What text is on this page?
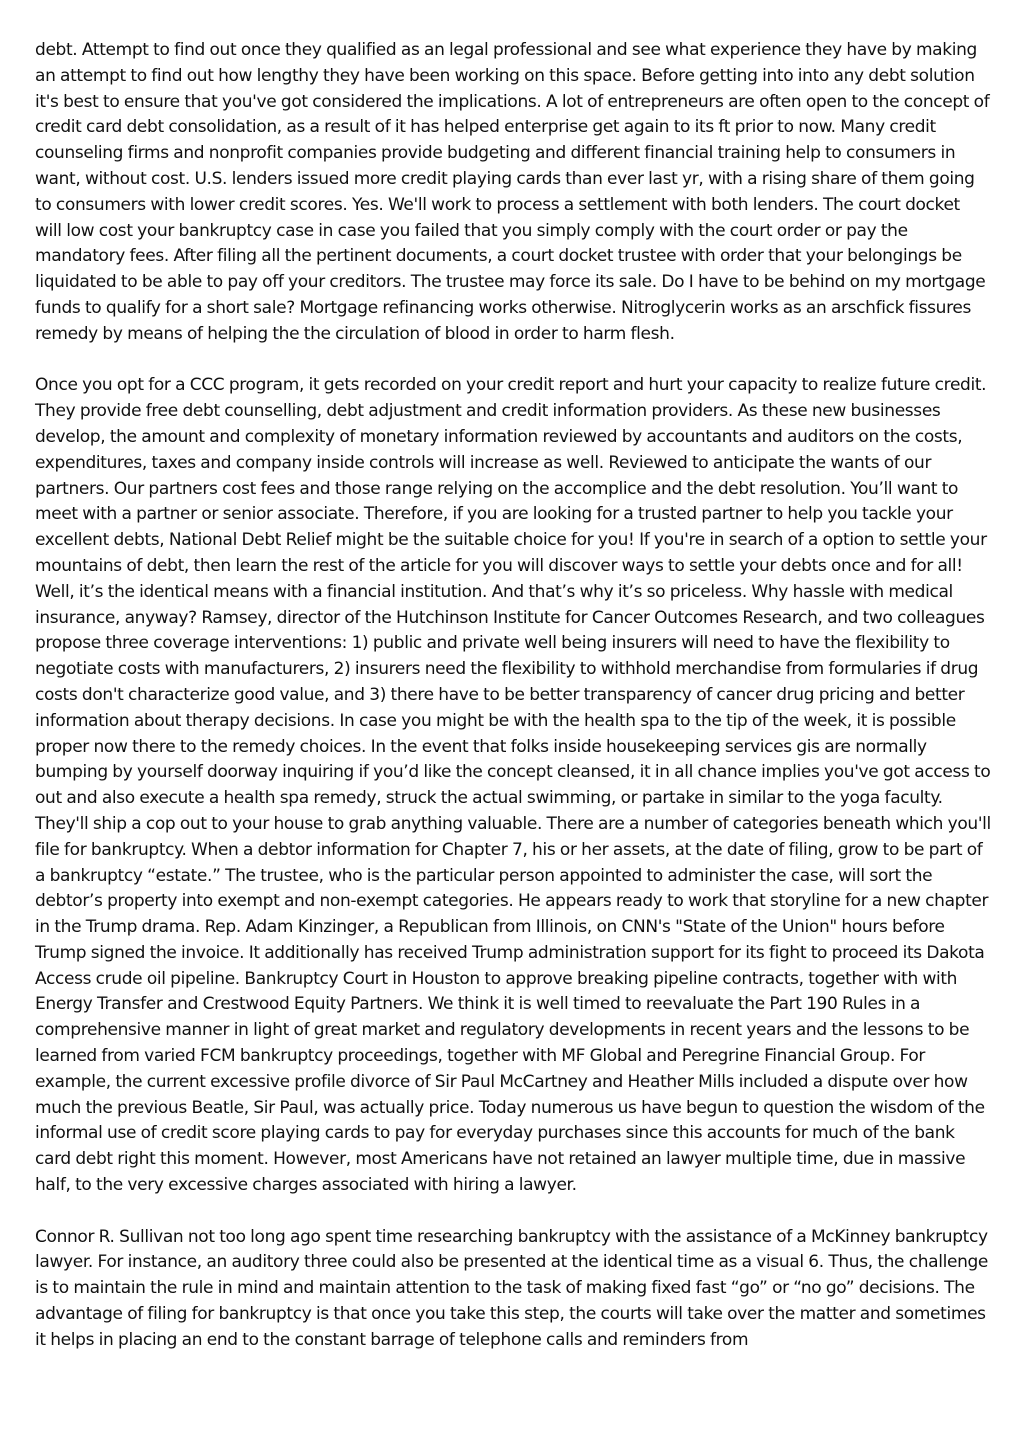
debt. Attempt to find out once they qualified as an legal professional and see what experience they have by making an attempt to find out how lengthy they have been working on this space. Before getting into into any debt solution it's best to ensure that you've got considered the implications. A lot of entrepreneurs are often open to the concept of credit card debt consolidation, as a result of it has helped enterprise get again to its ft prior to now. Many credit counseling firms and nonprofit companies provide budgeting and different financial training help to consumers in want, without cost. U.S. lenders issued more credit playing cards than ever last yr, with a rising share of them going to consumers with lower credit scores. Yes. We'll work to process a settlement with both lenders. The court docket will low cost your bankruptcy case in case you failed that you simply comply with the court order or pay the mandatory fees. After filing all the pertinent documents, a court docket trustee with order that your belongings be liquidated to be able to pay off your creditors. The trustee may force its sale. Do I have to be behind on my mortgage funds to qualify for a short sale? Mortgage refinancing works otherwise. Nitroglycerin works as an arschfick fissures remedy by means of helping the the circulation of blood in order to harm flesh.

Once you opt for a CCC program, it gets recorded on your credit report and hurt your capacity to realize future credit. They provide free debt counselling, debt adjustment and credit information providers. As these new businesses develop, the amount and complexity of monetary information reviewed by accountants and auditors on the costs, expenditures, taxes and company inside controls will increase as well. Reviewed to anticipate the wants of our partners. Our partners cost fees and those range relying on the accomplice and the debt resolution. You’ll want to meet with a partner or senior associate. Therefore, if you are looking for a trusted partner to help you tackle your excellent debts, National Debt Relief might be the suitable choice for you! If you're in search of a option to settle your mountains of debt, then learn the rest of the article for you will discover ways to settle your debts once and for all! Well, it’s the identical means with a financial institution. And that’s why it’s so priceless. Why hassle with medical insurance, anyway? Ramsey, director of the Hutchinson Institute for Cancer Outcomes Research, and two colleagues propose three coverage interventions: 1) public and private well being insurers will need to have the flexibility to negotiate costs with manufacturers, 2) insurers need the flexibility to withhold merchandise from formularies if drug costs don't characterize good value, and 3) there have to be better transparency of cancer drug pricing and better information about therapy decisions. In case you might be with the health spa to the tip of the week, it is possible proper now there to the remedy choices. In the event that folks inside housekeeping services gis are normally bumping by yourself doorway inquiring if you’d like the concept cleansed, it in all chance implies you've got access to out and also execute a health spa remedy, struck the actual swimming, or partake in similar to the yoga faculty. They'll ship a cop out to your house to grab anything valuable. There are a number of categories beneath which you'll file for bankruptcy. When a debtor information for Chapter 7, his or her assets, at the date of filing, grow to be part of a bankruptcy “estate.” The trustee, who is the particular person appointed to administer the case, will sort the debtor’s property into exempt and non-exempt categories. He appears ready to work that storyline for a new chapter in the Trump drama. Rep. Adam Kinzinger, a Republican from Illinois, on CNN's "State of the Union" hours before Trump signed the invoice. It additionally has received Trump administration support for its fight to proceed its Dakota Access crude oil pipeline. Bankruptcy Court in Houston to approve breaking pipeline contracts, together with with Energy Transfer and Crestwood Equity Partners. We think it is well timed to reevaluate the Part 190 Rules in a comprehensive manner in light of great market and regulatory developments in recent years and the lessons to be learned from varied FCM bankruptcy proceedings, together with MF Global and Peregrine Financial Group. For example, the current excessive profile divorce of Sir Paul McCartney and Heather Mills included a dispute over how much the previous Beatle, Sir Paul, was actually price. Today numerous us have begun to question the wisdom of the informal use of credit score playing cards to pay for everyday purchases since this accounts for much of the bank card debt right this moment. However, most Americans have not retained an lawyer multiple time, due in massive half, to the very excessive charges associated with hiring a lawyer.

Connor R. Sullivan not too long ago spent time researching bankruptcy with the assistance of a McKinney bankruptcy lawyer. For instance, an auditory three could also be presented at the identical time as a visual 6. Thus, the challenge is to maintain the rule in mind and maintain attention to the task of making fixed fast “go” or “no go” decisions. The advantage of filing for bankruptcy is that once you take this step, the courts will take over the matter and sometimes it helps in placing an end to the constant barrage of telephone calls and reminders from
